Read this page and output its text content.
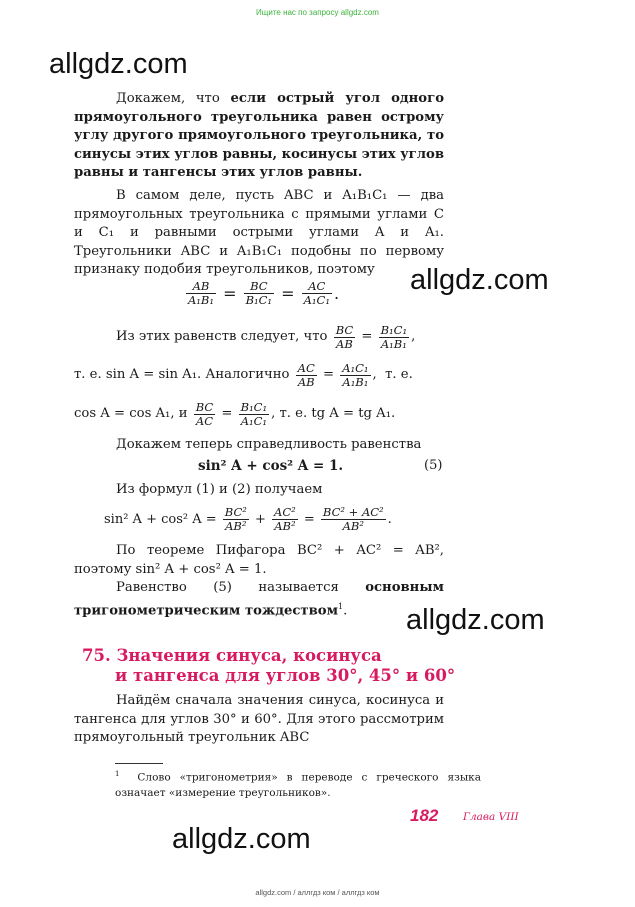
Ищите нас по запросу allgdz.com
allgdz.com
allgdz.com
allgdz.com
allgdz.com

Докажем, что если острый угол одного прямоугольного треугольника равен острому углу другого прямоугольного треугольника, то синусы этих углов равны, косинусы этих углов равны и тангенсы этих углов равны.

В самом деле, пусть ABC и A₁B₁C₁ — два прямоугольных треугольника с прямыми углами C и C₁ и равными острыми углами A и A₁. Треугольники ABC и A₁B₁C₁ подобны по первому признаку подобия треугольников, поэтому

$\frac{AB}{\text{A₁B₁}} = \frac{BC}{\text{B₁C₁}} = \frac{AC}{\text{A₁C₁}}$ .
Из этих равенств следует, что
$\frac{BC}{AB} = \frac{\text{B₁C₁}}{\text{A₁B₁}}$ ,
т. е. sin A = sin A₁. Аналогично
$\frac{AC}{AB} = \frac{\text{A₁C₁}}{\text{A₁B₁}}$ , т. е.
cos A = cos A₁, и
$\frac{BC}{AC} = \frac{\text{B₁C₁}}{\text{A₁C₁}}$ , т. е. tg A = tg A₁.

Докажем теперь справедливость равенства

sin² A + cos² A = 1.	(5)

Из формул (1) и (2) получаем

sin² A + cos² A =
$\frac{\text{BC²}}{\text{AB²}} + \frac{\text{AC²}}{\text{AB²}} = \frac{\text{BC² + AC²}}{\text{AB²}}$ .

По теореме Пифагора BC² + AC² = AB², поэтому sin² A + cos² A = 1.

Равенство (5) называется основным тригонометрическим тождеством$^1$.

75. Значения синуса, косинуса
и тангенса для углов 30°, 45° и 60°

Найдём сначала значения синуса, косинуса и тангенса для углов 30° и 60°. Для этого рассмотрим прямоугольный треугольник ABC

$^1$ Слово «тригонометрия» в переводе с греческого языка означает «измерение треугольников».
182 Глава VIII
allgdz.com / аллгдз ком / аллгдз ком
